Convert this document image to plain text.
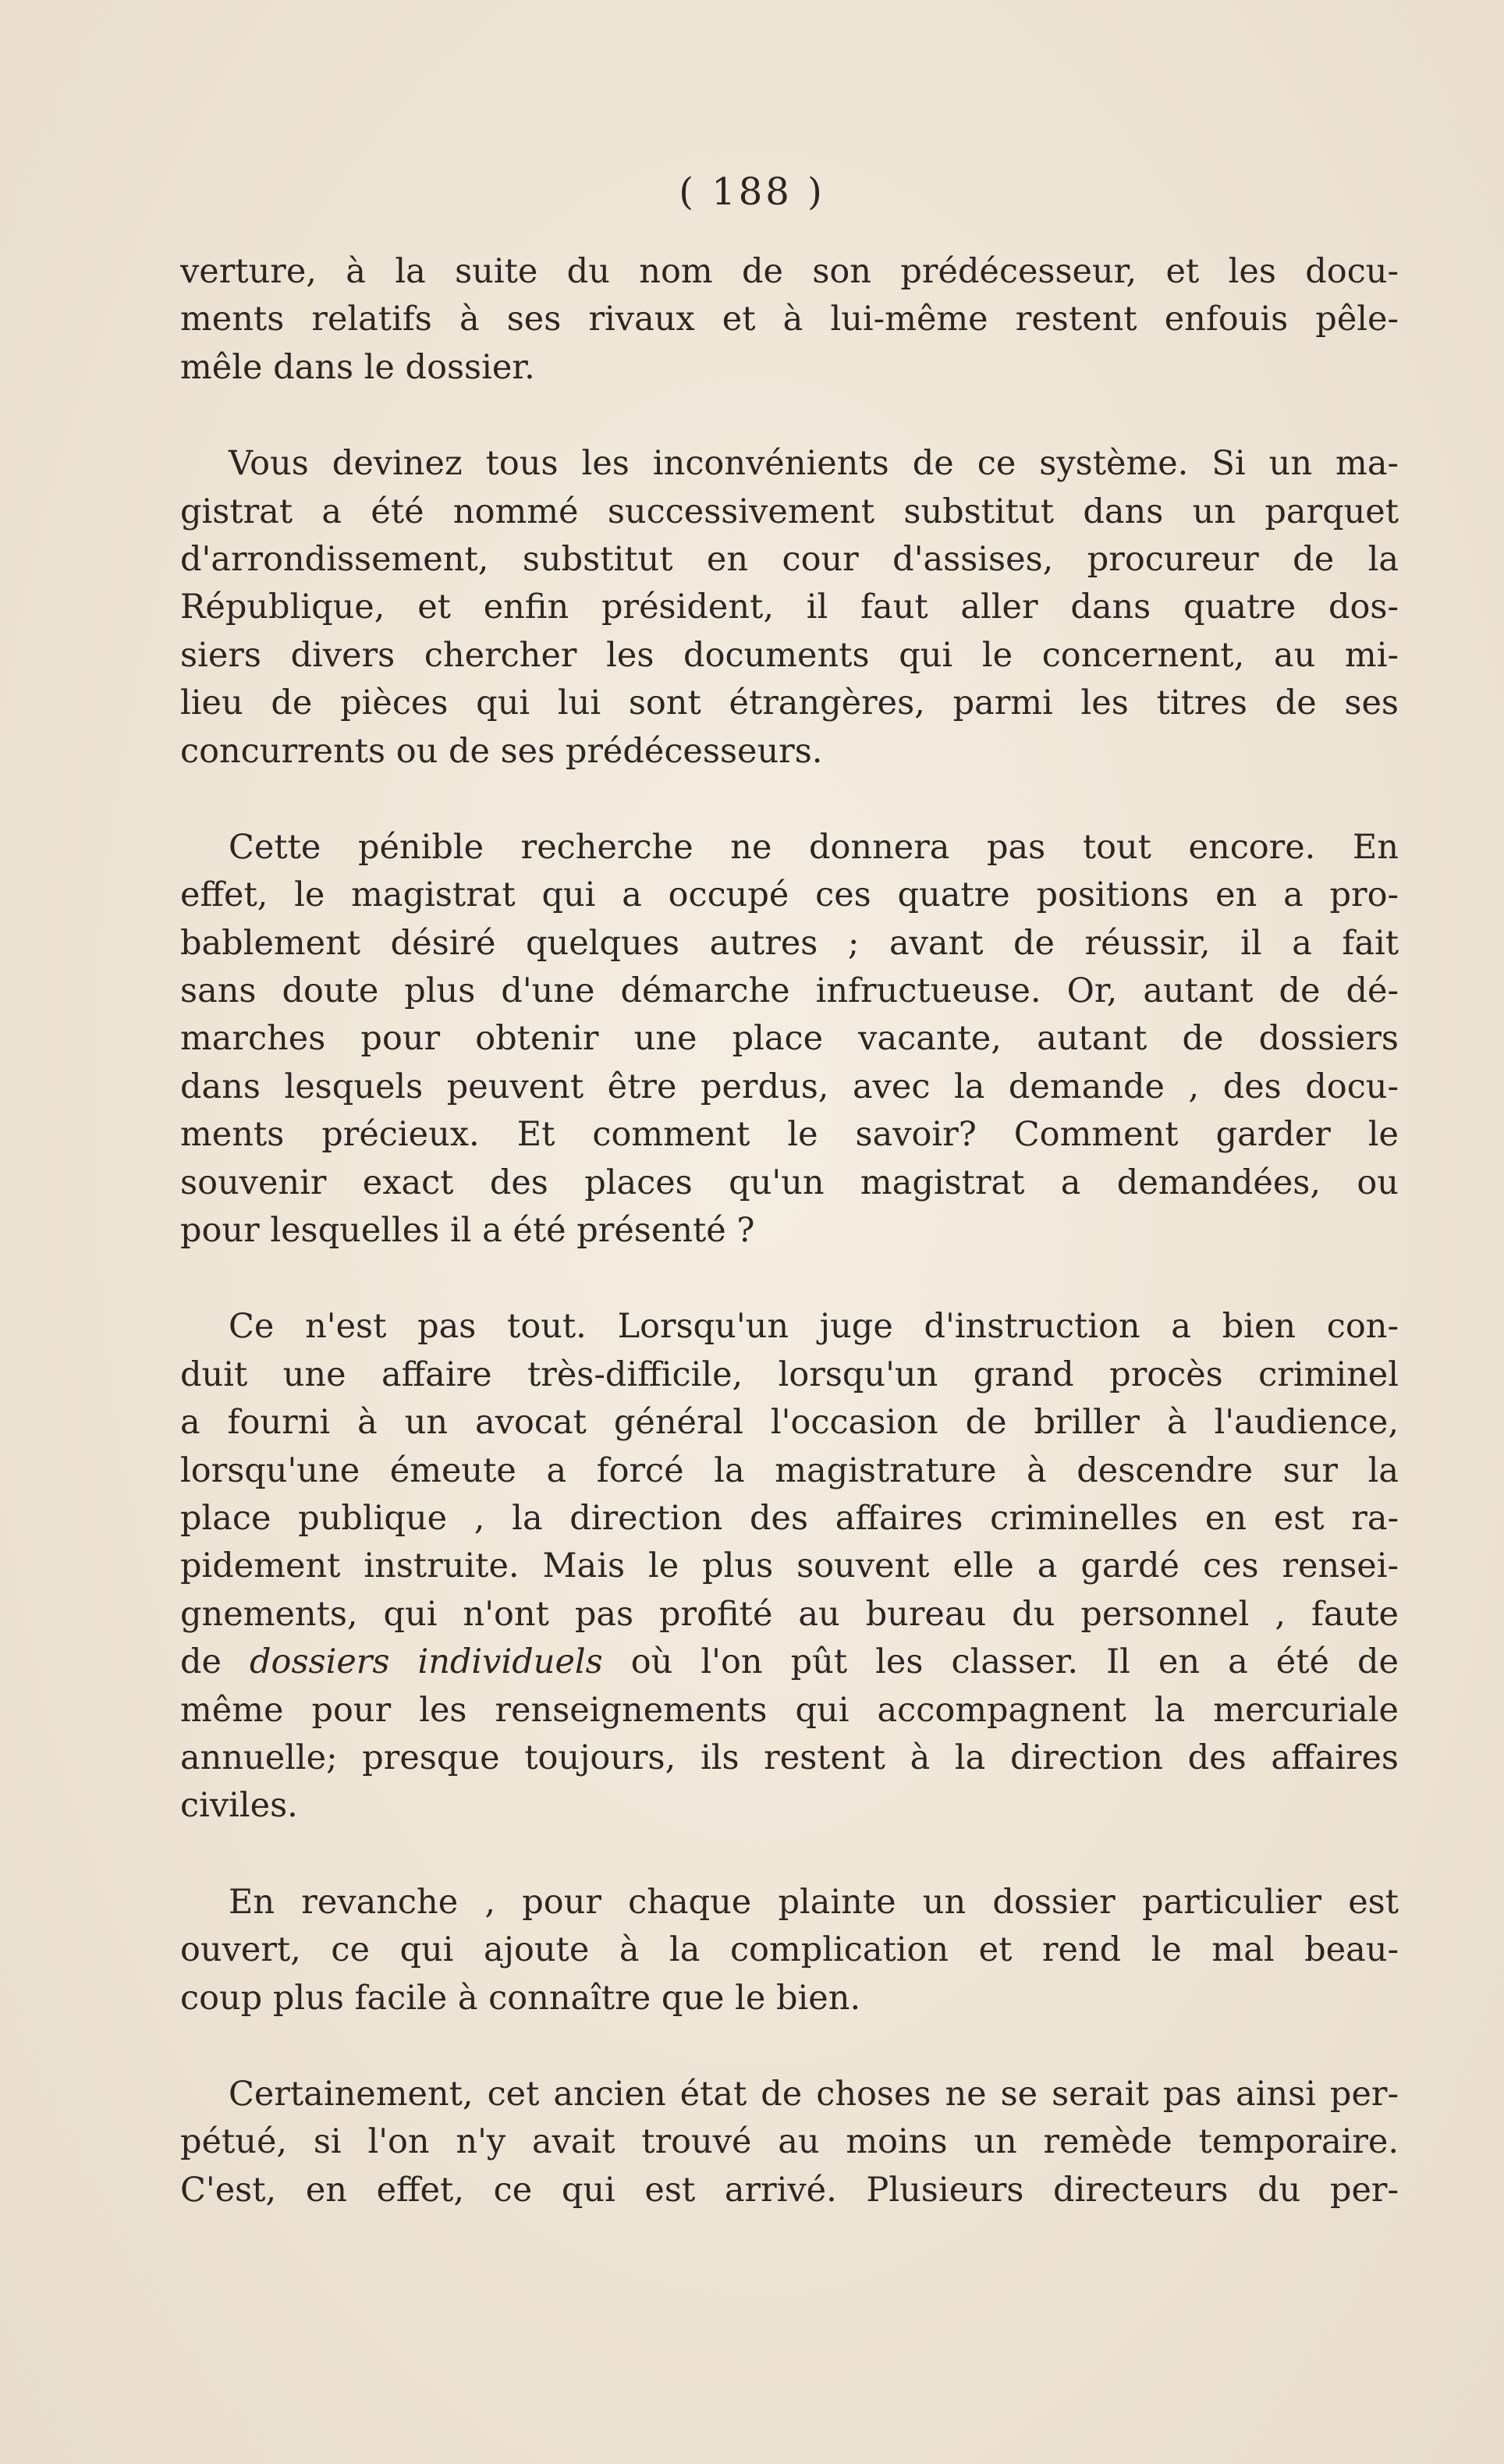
( 188 )

verture, à la suite du nom de son prédécesseur, et les docu-
ments relatifs à ses rivaux et à lui-même restent enfouis pêle-
mêle dans le dossier.

Vous devinez tous les inconvénients de ce système. Si un ma-
gistrat a été nommé successivement substitut dans un parquet
d'arrondissement, substitut en cour d'assises, procureur de la
République, et enfin président, il faut aller dans quatre dos-
siers divers chercher les documents qui le concernent, au mi-
lieu de pièces qui lui sont étrangères, parmi les titres de ses
concurrents ou de ses prédécesseurs.

Cette pénible recherche ne donnera pas tout encore. En
effet, le magistrat qui a occupé ces quatre positions en a pro-
bablement désiré quelques autres ; avant de réussir, il a fait
sans doute plus d'une démarche infructueuse. Or, autant de dé-
marches pour obtenir une place vacante, autant de dossiers
dans lesquels peuvent être perdus, avec la demande , des docu-
ments précieux. Et comment le savoir? Comment garder le
souvenir exact des places qu'un magistrat a demandées, ou
pour lesquelles il a été présenté ?

Ce n'est pas tout. Lorsqu'un juge d'instruction a bien con-
duit une affaire très-difficile, lorsqu'un grand procès criminel
a fourni à un avocat général l'occasion de briller à l'audience,
lorsqu'une émeute a forcé la magistrature à descendre sur la
place publique , la direction des affaires criminelles en est ra-
pidement instruite. Mais le plus souvent elle a gardé ces rensei-
gnements, qui n'ont pas profité au bureau du personnel , faute
de dossiers individuels où l'on pût les classer. Il en a été de
même pour les renseignements qui accompagnent la mercuriale
annuelle; presque toujours, ils restent à la direction des affaires
civiles.

En revanche , pour chaque plainte un dossier particulier est
ouvert, ce qui ajoute à la complication et rend le mal beau-
coup plus facile à connaître que le bien.

Certainement, cet ancien état de choses ne se serait pas ainsi per-
pétué, si l'on n'y avait trouvé au moins un remède temporaire.
C'est, en effet, ce qui est arrivé. Plusieurs directeurs du per-
